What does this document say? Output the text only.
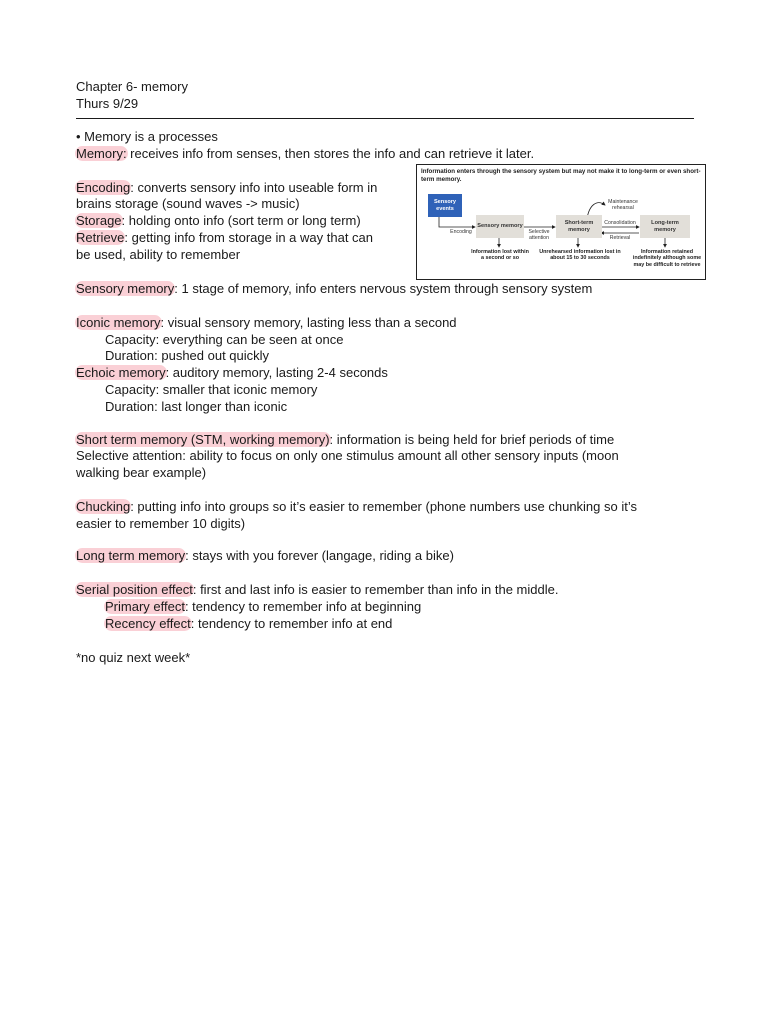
Chapter 6- memory
Thurs 9/29
• Memory is a processes
Memory: receives info from senses, then stores the info and can retrieve it later.
Encoding: converts sensory info into useable form in
brains storage (sound waves -> music)
Storage: holding onto info (sort term or long term)
Retrieve: getting info from storage in a way that can
be used, ability to remember
Sensory memory: 1 stage of memory, info enters nervous system through sensory system
Iconic memory: visual sensory memory, lasting less than a second
Capacity: everything can be seen at once
Duration: pushed out quickly
Echoic memory: auditory memory, lasting 2-4 seconds
Capacity: smaller that iconic memory
Duration: last longer than iconic
Short term memory (STM, working memory): information is being held for brief periods of time
Selective attention: ability to focus on only one stimulus amount all other sensory inputs (moon
walking bear example)
Chucking: putting info into groups so it’s easier to remember (phone numbers use chunking so it’s
easier to remember 10 digits)
Long term memory: stays with you forever (langage, riding a bike)
Serial position effect: first and last info is easier to remember than info in the middle.
Primary effect: tendency to remember info at beginning
Recency effect: tendency to remember info at end
*no quiz next week*
Information enters through the sensory system but may not make it to long-term or even short-term memory.
Sensory events
Sensory memory
Short-term memory
Long-term memory
Encoding	Selective attention
Maintenance rehearsal
Consolidation
Retrieval
Information lost within a second or so
Unrehearsed information lost in about 15 to 30 seconds
Information retained indefinitely although some may be difficult to retrieve
